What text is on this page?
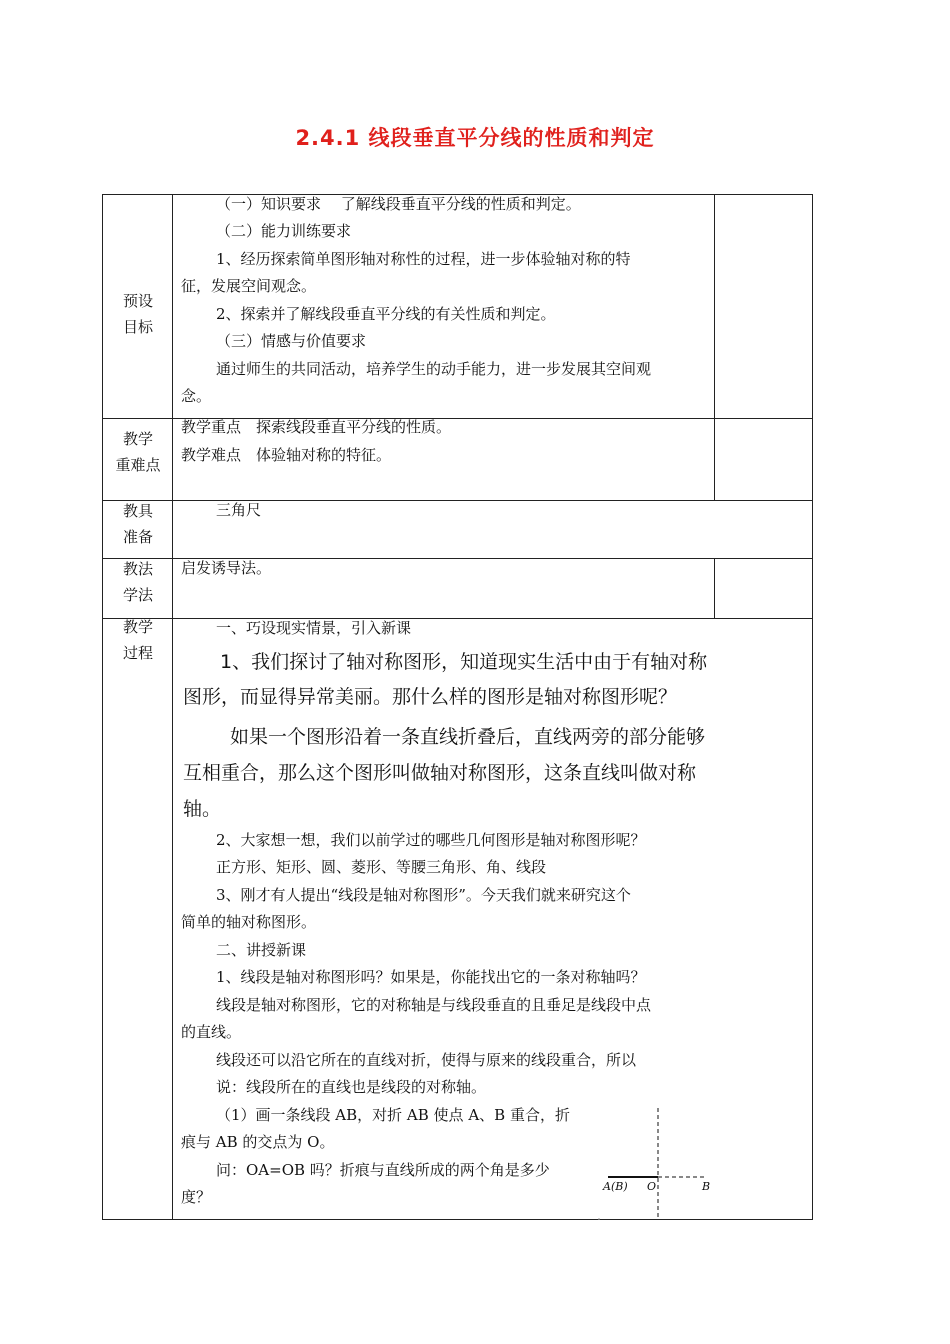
2.4.1 线段垂直平分线的性质和判定
预设
目标
（一）知识要求　 了解线段垂直平分线的性质和判定。
（二）能力训练要求
1、经历探索简单图形轴对称性的过程，进一步体验轴对称的特
征，发展空间观念。
2、探索并了解线段垂直平分线的有关性质和判定。
（三）情感与价值要求
通过师生的共同活动，培养学生的动手能力，进一步发展其空间观
念。
教学
重难点
教学重点　探索线段垂直平分线的性质。
教学难点　体验轴对称的特征。
教具
准备
三角尺
教法
学法
启发诱导法。
教学
过程
一、巧设现实情景，引入新课
1、我们探讨了轴对称图形，知道现实生活中由于有轴对称
图形，而显得异常美丽。那什么样的图形是轴对称图形呢？
如果一个图形沿着一条直线折叠后，直线两旁的部分能够
互相重合，那么这个图形叫做轴对称图形，这条直线叫做对称
轴。
2、大家想一想，我们以前学过的哪些几何图形是轴对称图形呢？
正方形、矩形、圆、菱形、等腰三角形、角、线段
3、刚才有人提出“线段是轴对称图形”。今天我们就来研究这个
简单的轴对称图形。
二、讲授新课
1、线段是轴对称图形吗？如果是，你能找出它的一条对称轴吗？
线段是轴对称图形，它的对称轴是与线段垂直的且垂足是线段中点
的直线。
线段还可以沿它所在的直线对折，使得与原来的线段重合，所以
说：线段所在的直线也是线段的对称轴。
（1）画一条线段 AB，对折 AB 使点 A、B 重合，折
痕与 AB 的交点为 O。
问：OA=OB 吗？折痕与直线所成的两个角是多少
度？
A(B) O	B
